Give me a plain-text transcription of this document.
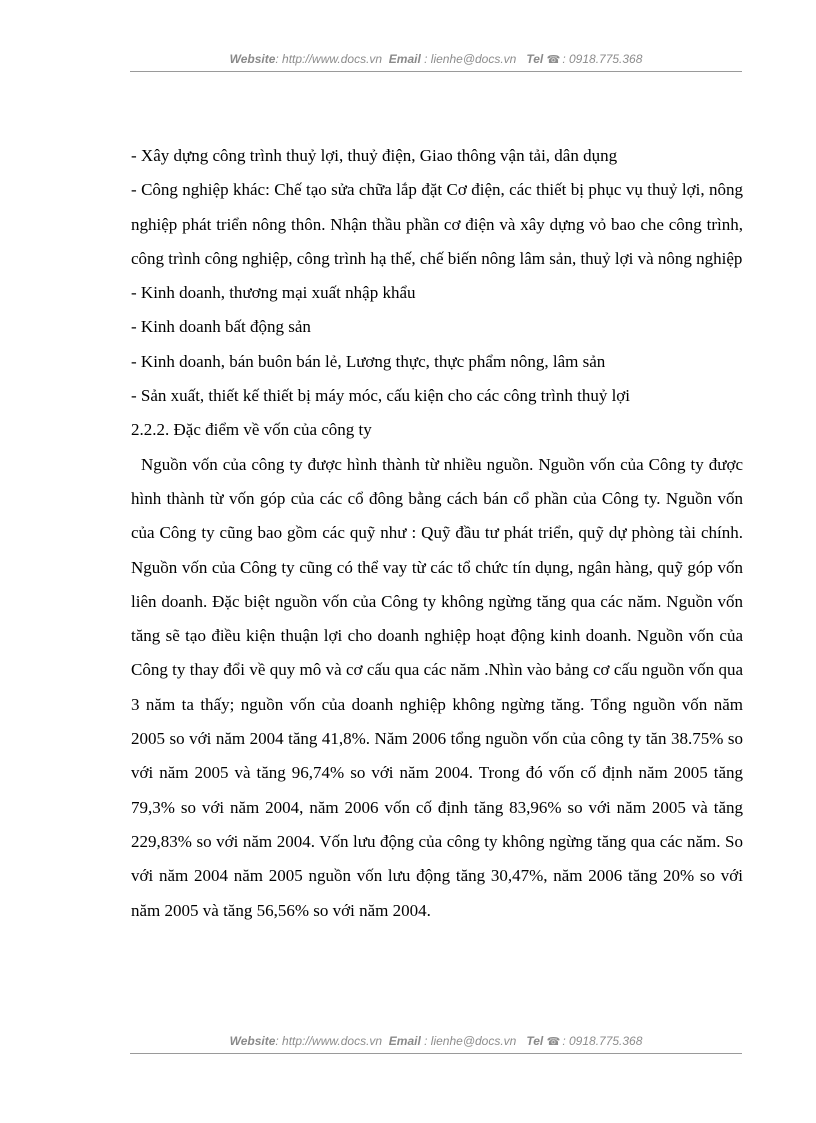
Website: http://www.docs.vn Email : lienhe@docs.vn Tel ☎ : 0918.775.368

- Xây dựng công trình thuỷ lợi, thuỷ điện, Giao thông vận tải, dân dụng

- Công nghiệp khác: Chế tạo sửa chữa lắp đặt Cơ điện, các thiết bị phục vụ thuỷ lợi, nông nghiệp phát triển nông thôn. Nhận thầu phần cơ điện và xây dựng vỏ bao che công trình, công trình công nghiệp, công trình hạ thế, chế biến nông lâm sản, thuỷ lợi và nông nghiệp

- Kinh doanh, thương mại xuất nhập khẩu

- Kinh doanh bất động sản

- Kinh doanh, bán buôn bán lẻ, Lương thực, thực phẩm nông, lâm sản

- Sản xuất, thiết kế thiết bị máy móc, cấu kiện cho các công trình thuỷ lợi

2.2.2. Đặc điểm về vốn của công ty

Nguồn vốn của công ty được hình thành từ nhiều nguồn. Nguồn vốn của Công ty được hình thành từ vốn góp của các cổ đông bằng cách bán cổ phần của Công ty. Nguồn vốn của Công ty cũng bao gồm các quỹ như : Quỹ đầu tư phát triển, quỹ dự phòng tài chính. Nguồn vốn của Công ty cũng có thể vay từ các tổ chức tín dụng, ngân hàng, quỹ góp vốn liên doanh. Đặc biệt nguồn vốn của Công ty không ngừng tăng qua các năm. Nguồn vốn tăng sẽ tạo điều kiện thuận lợi cho doanh nghiệp hoạt động kinh doanh. Nguồn vốn của Công ty thay đổi về quy mô và cơ cấu qua các năm .Nhìn vào bảng cơ cấu nguồn vốn qua 3 năm ta thấy; nguồn vốn của doanh nghiệp không ngừng tăng. Tổng nguồn vốn năm 2005 so với năm 2004 tăng 41,8%. Năm 2006 tổng nguồn vốn của công ty tăn 38.75% so với năm 2005 và tăng 96,74% so với năm 2004. Trong đó vốn cố định năm 2005 tăng 79,3% so với năm 2004, năm 2006 vốn cố định tăng 83,96% so với năm 2005 và tăng 229,83% so với năm 2004. Vốn lưu động của công ty không ngừng tăng qua các năm. So với năm 2004 năm 2005 nguồn vốn lưu động tăng 30,47%, năm 2006 tăng 20% so với năm 2005 và tăng 56,56% so với năm 2004.

Website: http://www.docs.vn Email : lienhe@docs.vn Tel ☎ : 0918.775.368
